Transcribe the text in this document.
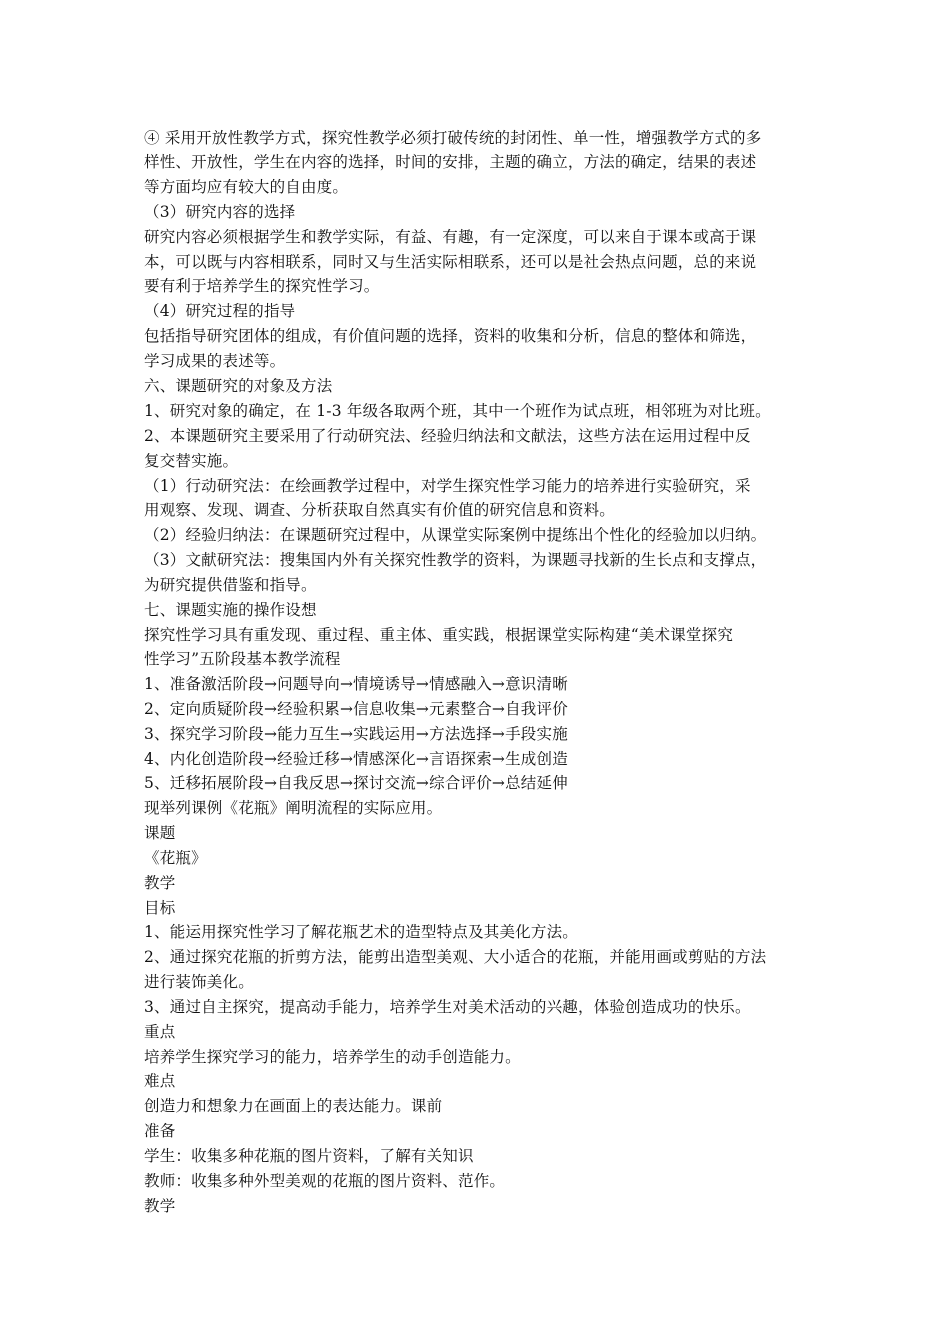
④ 采用开放性教学方式，探究性教学必须打破传统的封闭性、单一性，增强教学方式的多
样性、开放性，学生在内容的选择，时间的安排，主题的确立，方法的确定，结果的表述
等方面均应有较大的自由度。
（3）研究内容的选择
研究内容必须根据学生和教学实际，有益、有趣，有一定深度，可以来自于课本或高于课
本，可以既与内容相联系，同时又与生活实际相联系，还可以是社会热点问题，总的来说
要有利于培养学生的探究性学习。
（4）研究过程的指导
包括指导研究团体的组成，有价值问题的选择，资料的收集和分析，信息的整体和筛选，
学习成果的表述等。
六、课题研究的对象及方法
1、研究对象的确定，在 1-3 年级各取两个班，其中一个班作为试点班，相邻班为对比班。
2、本课题研究主要采用了行动研究法、经验归纳法和文献法，这些方法在运用过程中反
复交替实施。
（1）行动研究法：在绘画教学过程中，对学生探究性学习能力的培养进行实验研究，采
用观察、发现、调查、分析获取自然真实有价值的研究信息和资料。
（2）经验归纳法：在课题研究过程中，从课堂实际案例中提练出个性化的经验加以归纳。
（3）文献研究法：搜集国内外有关探究性教学的资料，为课题寻找新的生长点和支撑点，
为研究提供借鉴和指导。
七、课题实施的操作设想
探究性学习具有重发现、重过程、重主体、重实践，根据课堂实际构建“美术课堂探究
性学习”五阶段基本教学流程
1、准备激活阶段→问题导向→情境诱导→情感融入→意识清晰
2、定向质疑阶段→经验积累→信息收集→元素整合→自我评价
3、探究学习阶段→能力互生→实践运用→方法选择→手段实施
4、内化创造阶段→经验迁移→情感深化→言语探索→生成创造
5、迁移拓展阶段→自我反思→探讨交流→综合评价→总结延伸
现举列课例《花瓶》阐明流程的实际应用。
课题
《花瓶》
教学
目标
1、能运用探究性学习了解花瓶艺术的造型特点及其美化方法。
2、通过探究花瓶的折剪方法，能剪出造型美观、大小适合的花瓶，并能用画或剪贴的方法
进行装饰美化。
3、通过自主探究，提高动手能力，培养学生对美术活动的兴趣，体验创造成功的快乐。
重点
培养学生探究学习的能力，培养学生的动手创造能力。
难点
创造力和想象力在画面上的表达能力。课前
准备
学生：收集多种花瓶的图片资料，了解有关知识
教师：收集多种外型美观的花瓶的图片资料、范作。
教学
